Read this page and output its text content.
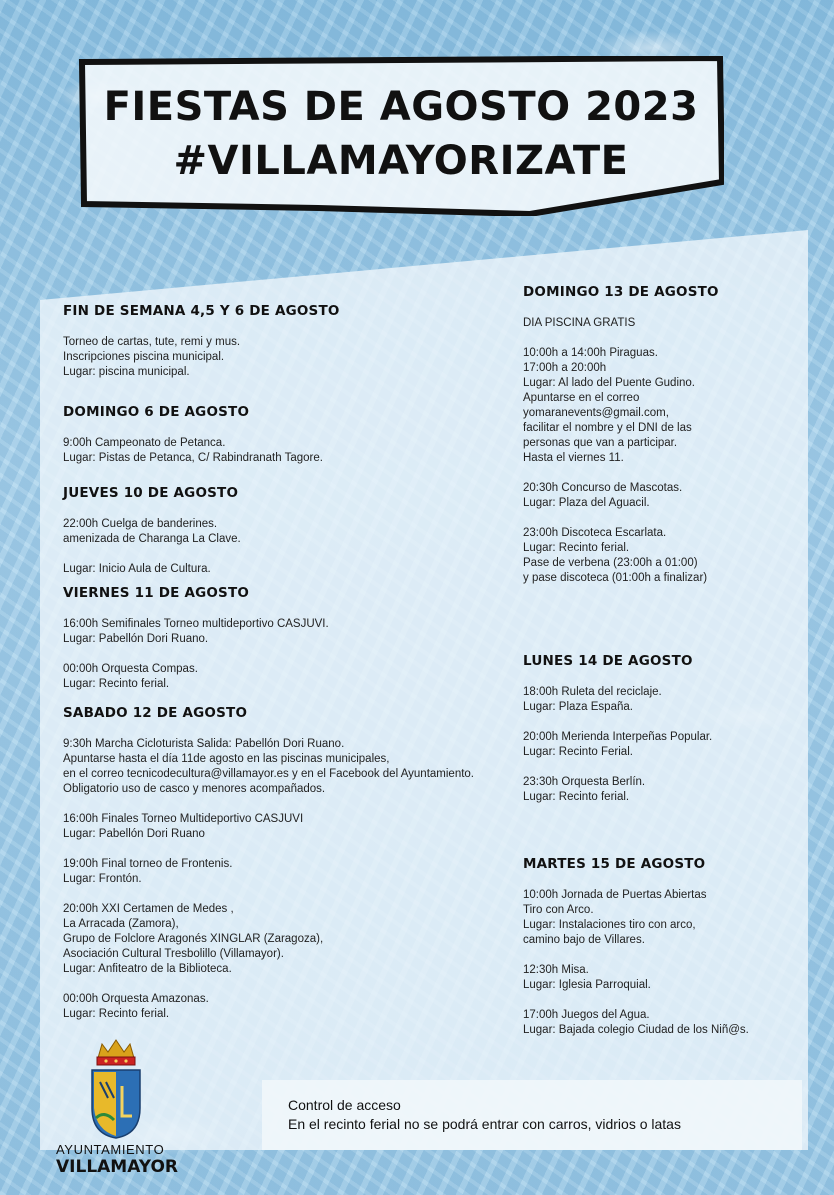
FIESTAS DE AGOSTO 2023
#VILLAMAYORIZATE
FIN DE SEMANA 4,5 Y 6 DE AGOSTO
Torneo de cartas, tute, remi y mus.
Inscripciones piscina municipal.
Lugar: piscina municipal.
DOMINGO 6 DE AGOSTO
9:00h Campeonato de Petanca.
Lugar: Pistas de Petanca, C/ Rabindranath Tagore.
JUEVES 10 DE AGOSTO
22:00h Cuelga de banderines.
amenizada de Charanga La Clave.
Lugar: Inicio Aula de Cultura.
VIERNES 11 DE AGOSTO
16:00h Semifinales Torneo multideportivo CASJUVI.
Lugar: Pabellón Dori Ruano.
00:00h Orquesta Compas.
Lugar: Recinto ferial.
SABADO 12 DE AGOSTO
9:30h Marcha Cicloturista Salida: Pabellón Dori Ruano.
Apuntarse hasta el día 11de agosto en las piscinas municipales,
en el correo tecnicodecultura@villamayor.es y en el Facebook del Ayuntamiento.
Obligatorio uso de casco y menores acompañados.
16:00h Finales Torneo Multideportivo CASJUVI
Lugar: Pabellón Dori Ruano
19:00h Final torneo de Frontenis.
Lugar: Frontón.
20:00h XXI Certamen de Medes ,
La Arracada (Zamora),
Grupo de Folclore Aragonés XINGLAR (Zaragoza),
Asociación Cultural Tresbolillo (Villamayor).
Lugar: Anfiteatro de la Biblioteca.
00:00h Orquesta Amazonas.
Lugar: Recinto ferial.
DOMINGO 13 DE AGOSTO
DIA PISCINA GRATIS
10:00h a 14:00h Piraguas.
17:00h a 20:00h
Lugar: Al lado del Puente Gudino.
Apuntarse en el correo
yomaranevents@gmail.com,
facilitar el nombre y el DNI de las
personas que van a participar.
Hasta el viernes 11.
20:30h Concurso de Mascotas.
Lugar: Plaza del Aguacil.
23:00h Discoteca Escarlata.
Lugar: Recinto ferial.
Pase de verbena (23:00h a 01:00)
y pase discoteca (01:00h a finalizar)
LUNES 14 DE AGOSTO
18:00h Ruleta del reciclaje.
Lugar: Plaza España.
20:00h Merienda Interpeñas Popular.
Lugar: Recinto Ferial.
23:30h Orquesta Berlín.
Lugar: Recinto ferial.
MARTES 15 DE AGOSTO
10:00h Jornada de Puertas Abiertas
Tiro con Arco.
Lugar: Instalaciones tiro con arco,
camino bajo de Villares.
12:30h Misa.
Lugar: Iglesia Parroquial.
17:00h Juegos del Agua.
Lugar: Bajada colegio Ciudad de los Niñ@s.
AYUNTAMIENTO
VILLAMAYOR
Control de acceso
En el recinto ferial no se podrá entrar con carros, vidrios o latas
